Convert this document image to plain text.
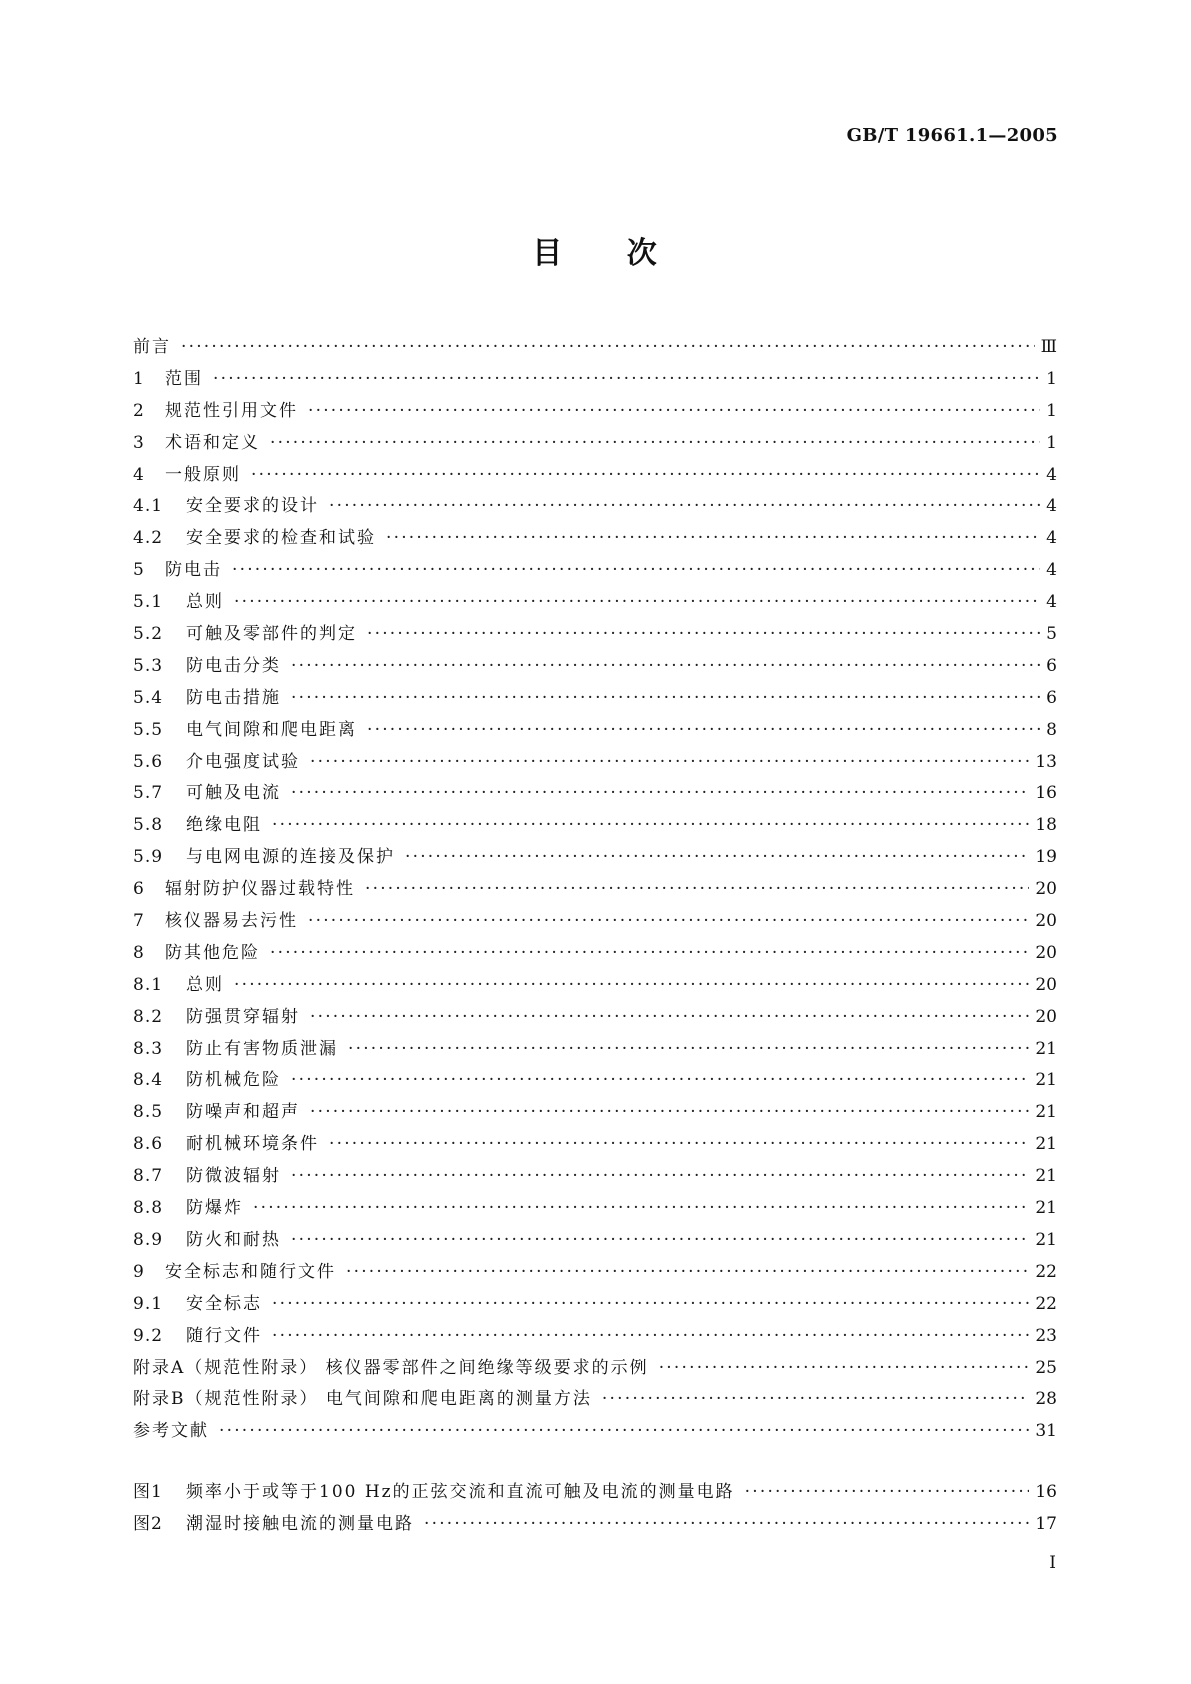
GB/T 19661.1—2005
目 次
前言 ·····	Ⅲ
1	范围 ·····	1
2	规范性引用文件 ·····	1
3	术语和定义 ·····	1
4	一般原则 ·····	4
4.1	安全要求的设计 ·····	4
4.2	安全要求的检查和试验 ·····	4
5	防电击 ·····	4
5.1	总则 ·····	4
5.2	可触及零部件的判定 ·····	5
5.3	防电击分类 ·····	6
5.4	防电击措施 ·····	6
5.5	电气间隙和爬电距离 ·····	8
5.6	介电强度试验 ·····	13
5.7	可触及电流 ·····	16
5.8	绝缘电阻 ·····	18
5.9	与电网电源的连接及保护 ·····	19
6	辐射防护仪器过载特性 ·····	20
7	核仪器易去污性 ·····	20
8	防其他危险 ·····	20
8.1	总则 ·····	20
8.2	防强贯穿辐射 ·····	20
8.3	防止有害物质泄漏 ·····	21
8.4	防机械危险 ·····	21
8.5	防噪声和超声 ·····	21
8.6	耐机械环境条件 ·····	21
8.7	防微波辐射 ·····	21
8.8	防爆炸 ·····	21
8.9	防火和耐热 ·····	21
9	安全标志和随行文件 ·····	22
9.1	安全标志 ·····	22
9.2	随行文件 ·····	23
附录A（规范性附录） 核仪器零部件之间绝缘等级要求的示例 ·····	25
附录B（规范性附录） 电气间隙和爬电距离的测量方法 ·····	28
参考文献 ·····	31
图1	频率小于或等于100 Hz的正弦交流和直流可触及电流的测量电路 ·····	16
图2	潮湿时接触电流的测量电路 ·····	17
I
